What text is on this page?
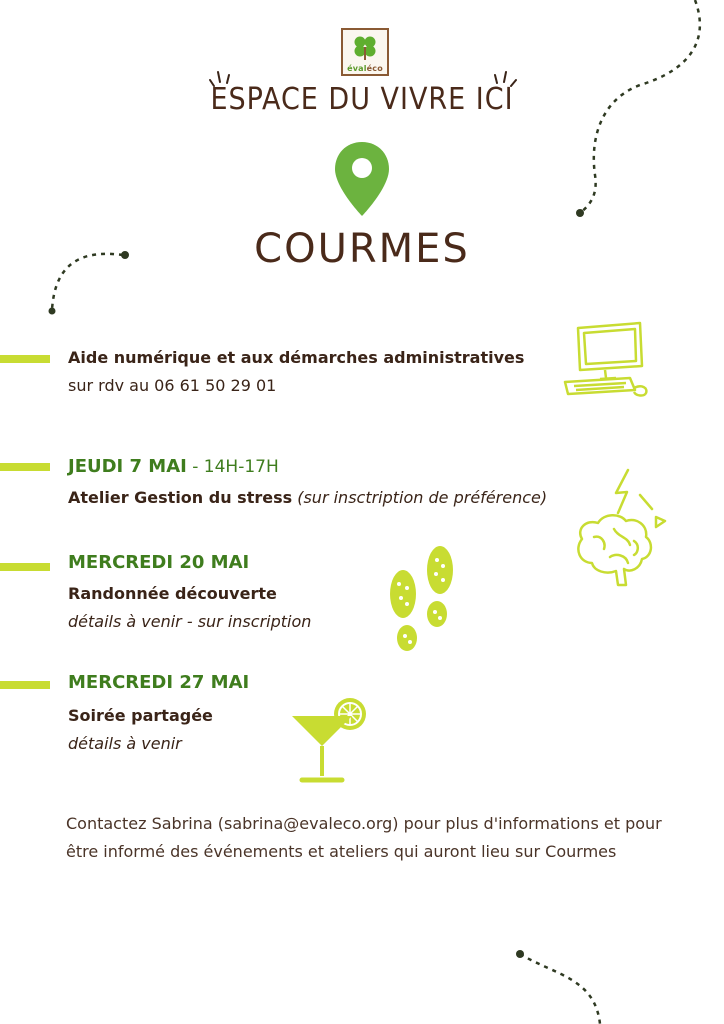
évaléco
ESPACE DU VIVRE ICI
COURMES
Aide numérique et aux démarches administratives
sur rdv au 06 61 50 29 01
JEUDI 7 MAI - 14H-17H
Atelier Gestion du stress (sur insctription de préférence)
MERCREDI 20 MAI
Randonnée découverte
détails à venir - sur inscription
MERCREDI 27 MAI
Soirée partagée
détails à venir
Contactez Sabrina (sabrina@evaleco.org) pour plus d'informations et pour être informé des événements et ateliers qui auront lieu sur Courmes
